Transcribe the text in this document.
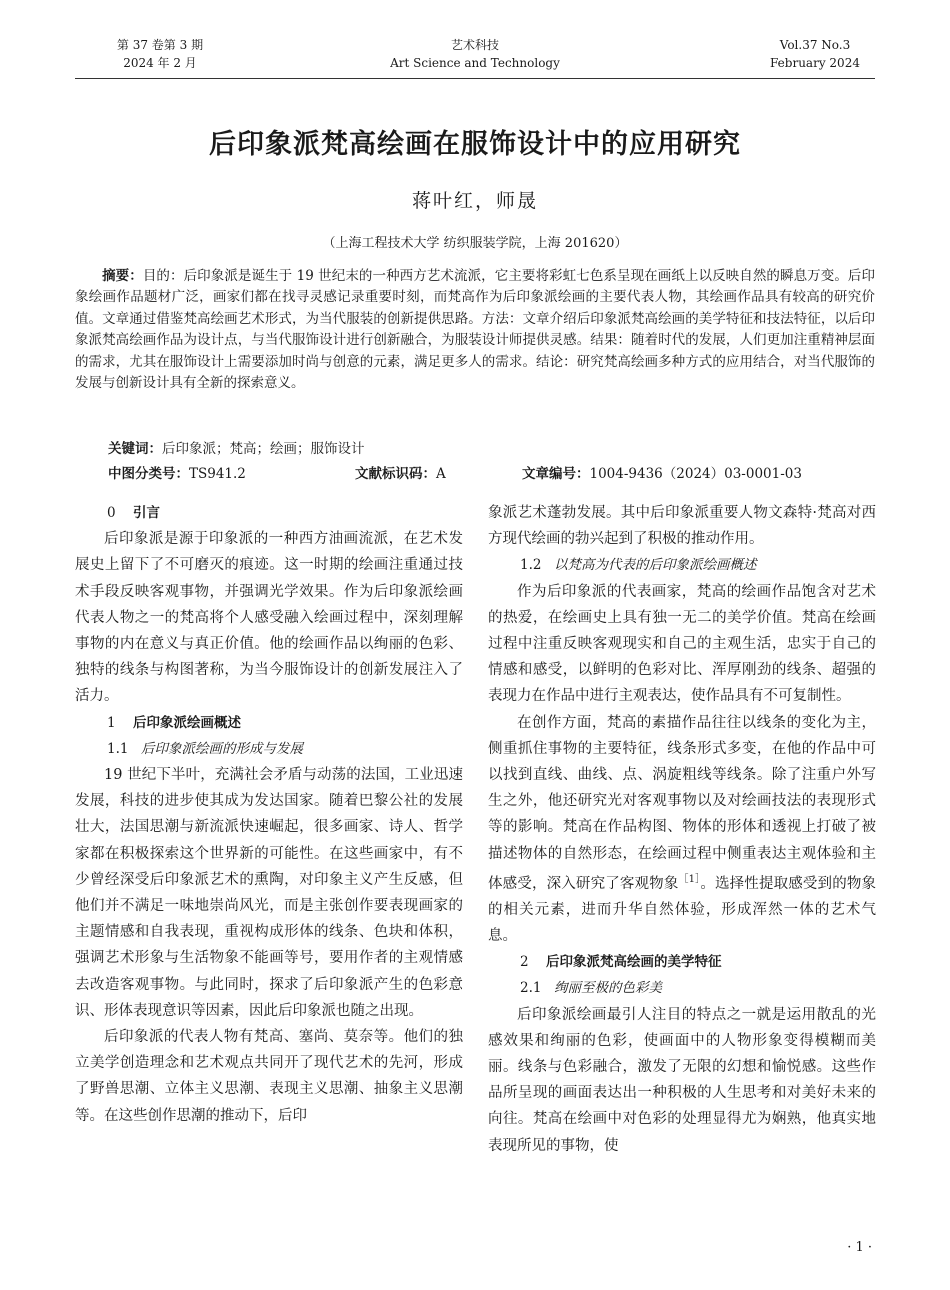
第 37 卷第 3 期
2024 年 2 月
艺术科技
Art Science and Technology
Vol.37 No.3
February 2024
后印象派梵高绘画在服饰设计中的应用研究
蒋叶红，师晟
（上海工程技术大学 纺织服装学院，上海 201620）
摘要：目的：后印象派是诞生于 19 世纪末的一种西方艺术流派，它主要将彩虹七色系呈现在画纸上以反映自然的瞬息万变。后印象绘画作品题材广泛，画家们都在找寻灵感记录重要时刻，而梵高作为后印象派绘画的主要代表人物，其绘画作品具有较高的研究价值。文章通过借鉴梵高绘画艺术形式，为当代服装的创新提供思路。方法：文章介绍后印象派梵高绘画的美学特征和技法特征，以后印象派梵高绘画作品为设计点，与当代服饰设计进行创新融合，为服装设计师提供灵感。结果：随着时代的发展，人们更加注重精神层面的需求，尤其在服饰设计上需要添加时尚与创意的元素，满足更多人的需求。结论：研究梵高绘画多种方式的应用结合，对当代服饰的发展与创新设计具有全新的探索意义。
关键词：后印象派；梵高；绘画；服饰设计
中图分类号：TS941.2	文献标识码：A	文章编号：1004-9436（2024）03-0001-03
0 引言

后印象派是源于印象派的一种西方油画流派，在艺术发展史上留下了不可磨灭的痕迹。这一时期的绘画注重通过技术手段反映客观事物，并强调光学效果。作为后印象派绘画代表人物之一的梵高将个人感受融入绘画过程中，深刻理解事物的内在意义与真正价值。他的绘画作品以绚丽的色彩、独特的线条与构图著称，为当今服饰设计的创新发展注入了活力。

1 后印象派绘画概述
1.1 后印象派绘画的形成与发展

19 世纪下半叶，充满社会矛盾与动荡的法国，工业迅速发展，科技的进步使其成为发达国家。随着巴黎公社的发展壮大，法国思潮与新流派快速崛起，很多画家、诗人、哲学家都在积极探索这个世界新的可能性。在这些画家中，有不少曾经深受后印象派艺术的熏陶，对印象主义产生反感，但他们并不满足一味地崇尚风光，而是主张创作要表现画家的主题情感和自我表现，重视构成形体的线条、色块和体积，强调艺术形象与生活物象不能画等号，要用作者的主观情感去改造客观事物。与此同时，探求了后印象派产生的色彩意识、形体表现意识等因素，因此后印象派也随之出现。

后印象派的代表人物有梵高、塞尚、莫奈等。他们的独立美学创造理念和艺术观点共同开了现代艺术的先河，形成了野兽思潮、立体主义思潮、表现主义思潮、抽象主义思潮等。在这些创作思潮的推动下，后印

象派艺术蓬勃发展。其中后印象派重要人物文森特·梵高对西方现代绘画的勃兴起到了积极的推动作用。

1.2 以梵高为代表的后印象派绘画概述

作为后印象派的代表画家，梵高的绘画作品饱含对艺术的热爱，在绘画史上具有独一无二的美学价值。梵高在绘画过程中注重反映客观现实和自己的主观生活，忠实于自己的情感和感受，以鲜明的色彩对比、浑厚刚劲的线条、超强的表现力在作品中进行主观表达，使作品具有不可复制性。

在创作方面，梵高的素描作品往往以线条的变化为主，侧重抓住事物的主要特征，线条形式多变，在他的作品中可以找到直线、曲线、点、涡旋粗线等线条。除了注重户外写生之外，他还研究光对客观事物以及对绘画技法的表现形式等的影响。梵高在作品构图、物体的形体和透视上打破了被描述物体的自然形态，在绘画过程中侧重表达主观体验和主体感受，深入研究了客观物象$^{[1]}$。选择性提取感受到的物象的相关元素，进而升华自然体验，形成浑然一体的艺术气息。

2 后印象派梵高绘画的美学特征
2.1 绚丽至极的色彩美

后印象派绘画最引人注目的特点之一就是运用散乱的光感效果和绚丽的色彩，使画面中的人物形象变得模糊而美丽。线条与色彩融合，激发了无限的幻想和愉悦感。这些作品所呈现的画面表达出一种积极的人生思考和对美好未来的向往。梵高在绘画中对色彩的处理显得尤为娴熟，他真实地表现所见的事物，使

· 1 ·
